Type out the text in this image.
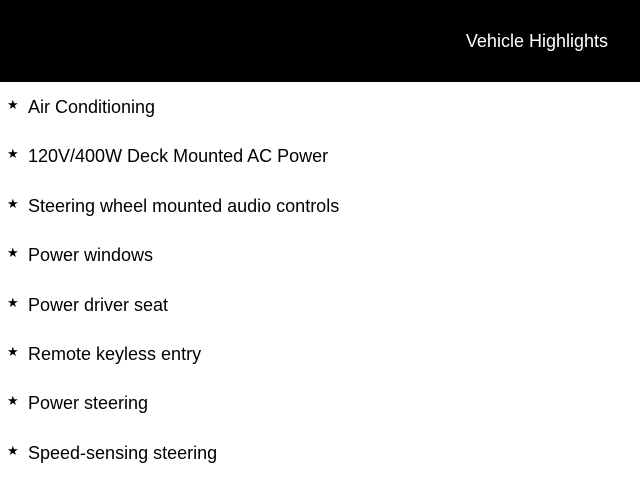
Vehicle Highlights
★ Air Conditioning
★ 120V/400W Deck Mounted AC Power
★ Steering wheel mounted audio controls
★ Power windows
★ Power driver seat
★ Remote keyless entry
★ Power steering
★ Speed-sensing steering
